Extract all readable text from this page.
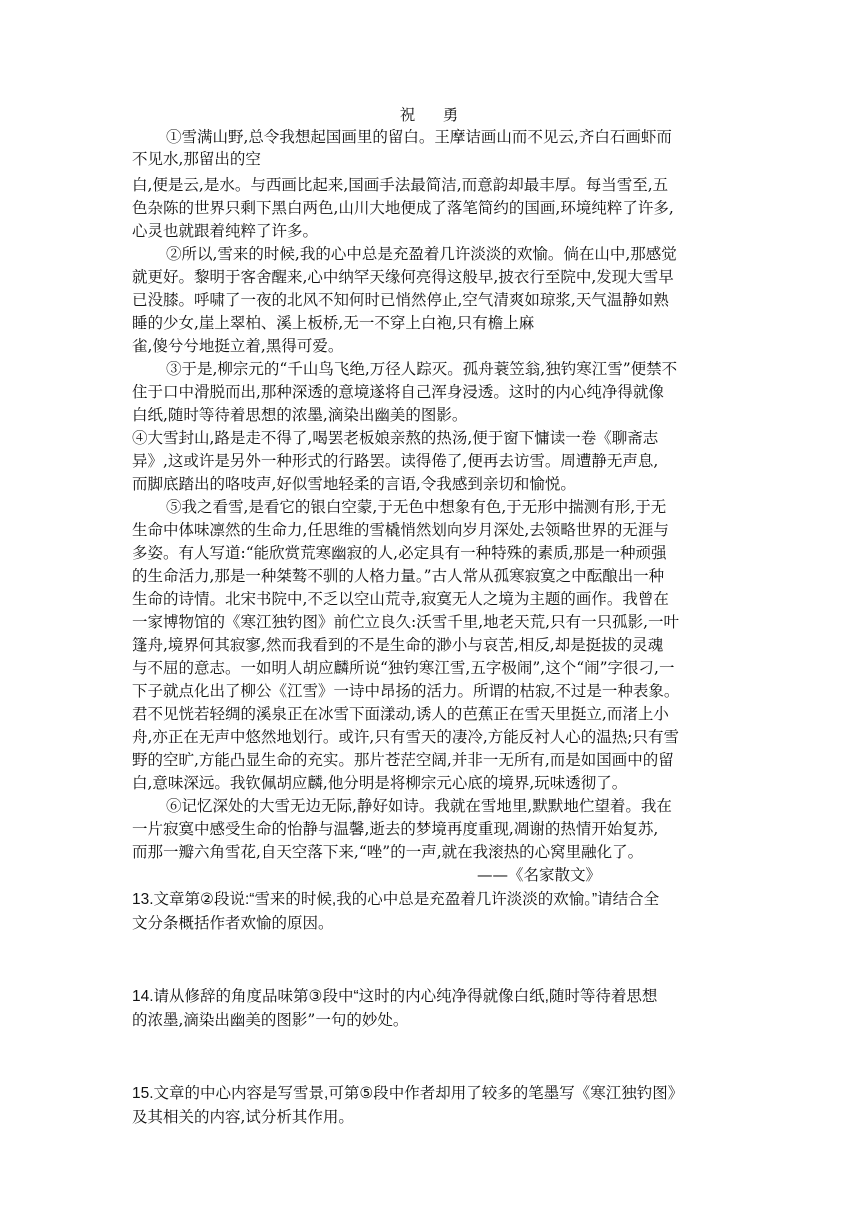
祝　勇
①雪满山野,总令我想起国画里的留白。王摩诘画山而不见云,齐白石画虾而
不见水,那留出的空
白,便是云,是水。与西画比起来,国画手法最简洁,而意韵却最丰厚。每当雪至,五
色杂陈的世界只剩下黑白两色,山川大地便成了落笔简约的国画,环境纯粹了许多,
心灵也就跟着纯粹了许多。
②所以,雪来的时候,我的心中总是充盈着几许淡淡的欢愉。倘在山中,那感觉
就更好。黎明于客舍醒来,心中纳罕天缘何亮得这般早,披衣行至院中,发现大雪早
已没膝。呼啸了一夜的北风不知何时已悄然停止,空气清爽如琼浆,天气温静如熟
睡的少女,崖上翠柏、溪上板桥,无一不穿上白袍,只有檐上麻
雀,傻兮兮地挺立着,黑得可爱。
③于是,柳宗元的“千山鸟飞绝,万径人踪灭。孤舟蓑笠翁,独钓寒江雪”便禁不
住于口中滑脱而出,那种深透的意境遂将自己浑身浸透。这时的内心纯净得就像
白纸,随时等待着思想的浓墨,滴染出幽美的图影。
④大雪封山,路是走不得了,喝罢老板娘亲熬的热汤,便于窗下慵读一卷《聊斋志
异》,这或许是另外一种形式的行路罢。读得倦了,便再去访雪。周遭静无声息,
而脚底踏出的咯吱声,好似雪地轻柔的言语,令我感到亲切和愉悦。
⑤我之看雪,是看它的银白空蒙,于无色中想象有色,于无形中揣测有形,于无
生命中体味凛然的生命力,任思维的雪橇悄然划向岁月深处,去领略世界的无涯与
多姿。有人写道:“能欣赏荒寒幽寂的人,必定具有一种特殊的素质,那是一种顽强
的生命活力,那是一种桀骜不驯的人格力量。”古人常从孤寒寂寞之中酝酿出一种
生命的诗情。北宋书院中,不乏以空山荒寺,寂寞无人之境为主题的画作。我曾在
一家博物馆的《寒江独钓图》前伫立良久:沃雪千里,地老天荒,只有一只孤影,一叶
篷舟,境界何其寂寥,然而我看到的不是生命的渺小与哀苦,相反,却是挺拔的灵魂
与不屈的意志。一如明人胡应麟所说“独钓寒江雪,五字极闹”,这个“闹”字很刁,一
下子就点化出了柳公《江雪》一诗中昂扬的活力。所谓的枯寂,不过是一种表象。
君不见恍若轻绸的溪泉正在冰雪下面漾动,诱人的芭蕉正在雪天里挺立,而渚上小
舟,亦正在无声中悠然地划行。或许,只有雪天的凄冷,方能反衬人心的温热;只有雪
野的空旷,方能凸显生命的充实。那片苍茫空阔,并非一无所有,而是如国画中的留
白,意味深远。我钦佩胡应麟,他分明是将柳宗元心底的境界,玩味透彻了。
⑥记忆深处的大雪无边无际,静好如诗。我就在雪地里,默默地伫望着。我在
一片寂寞中感受生命的怡静与温馨,逝去的梦境再度重现,凋谢的热情开始复苏,
而那一瓣六角雪花,自天空落下来,“唑”的一声,就在我滚热的心窝里融化了。
——《名家散文》
13.文章第②段说:“雪来的时候,我的心中总是充盈着几许淡淡的欢愉。”请结合全
文分条概括作者欢愉的原因。
14.请从修辞的角度品味第③段中“这时的内心纯净得就像白纸,随时等待着思想
的浓墨,滴染出幽美的图影”一句的妙处。
15.文章的中心内容是写雪景,可第⑤段中作者却用了较多的笔墨写《寒江独钓图》
及其相关的内容,试分析其作用。
